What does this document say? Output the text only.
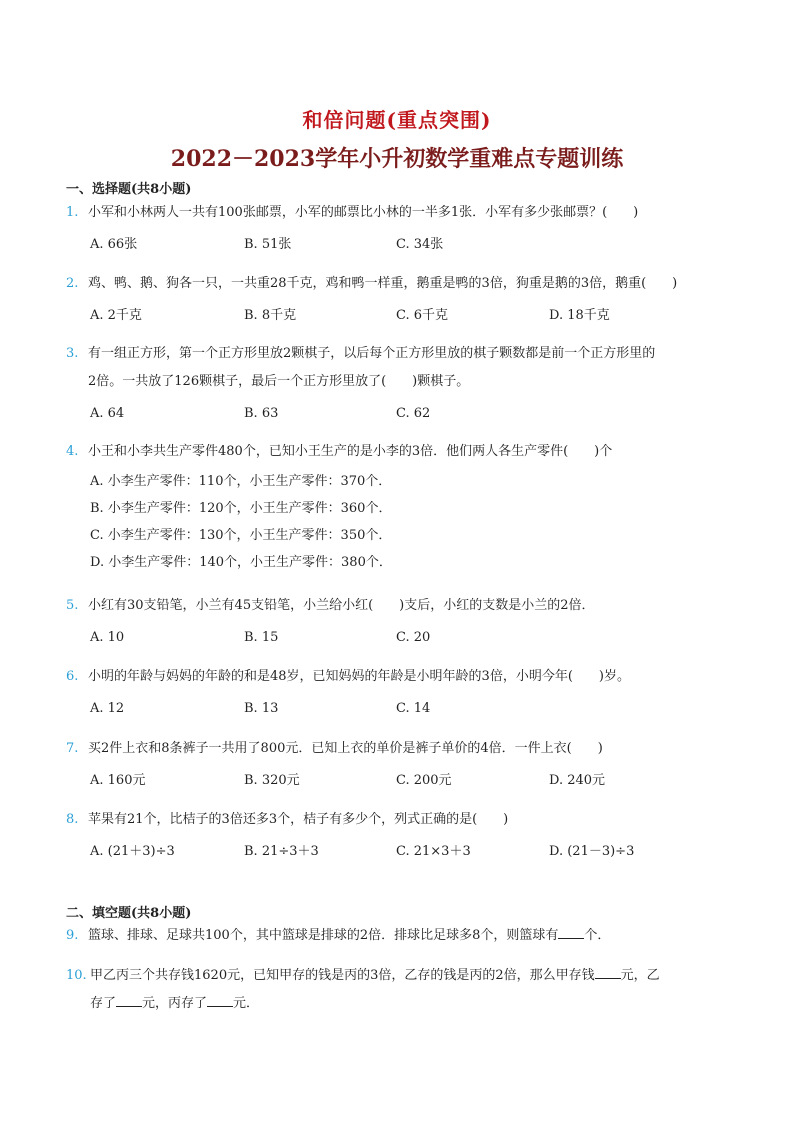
和倍问题(重点突围)
2022－2023学年小升初数学重难点专题训练
一、选择题(共8小题)
1. 小军和小林两人一共有100张邮票，小军的邮票比小林的一半多1张．小军有多少张邮票？(　　)
A. 66张	B. 51张	C. 34张
2. 鸡、鸭、鹅、狗各一只，一共重28千克，鸡和鸭一样重，鹅重是鸭的3倍，狗重是鹅的3倍，鹅重(　　)
A. 2千克	B. 8千克	C. 6千克	D. 18千克
3. 有一组正方形，第一个正方形里放2颗棋子，以后每个正方形里放的棋子颗数都是前一个正方形里的
2倍。一共放了126颗棋子，最后一个正方形里放了(　　)颗棋子。
A. 64	B. 63	C. 62
4. 小王和小李共生产零件480个，已知小王生产的是小李的3倍．他们两人各生产零件(　　)个
A. 小李生产零件：110个，小王生产零件：370个．
B. 小李生产零件：120个，小王生产零件：360个．
C. 小李生产零件：130个，小王生产零件：350个．
D. 小李生产零件：140个，小王生产零件：380个．
5. 小红有30支铅笔，小兰有45支铅笔，小兰给小红(　　)支后，小红的支数是小兰的2倍．
A. 10	B. 15	C. 20
6. 小明的年龄与妈妈的年龄的和是48岁，已知妈妈的年龄是小明年龄的3倍，小明今年(　　)岁。
A. 12	B. 13	C. 14
7. 买2件上衣和8条裤子一共用了800元．已知上衣的单价是裤子单价的4倍．一件上衣(　　)
A. 160元	B. 320元	C. 200元	D. 240元
8. 苹果有21个，比桔子的3倍还多3个，桔子有多少个，列式正确的是(　　)
A. (21＋3)÷3	B. 21÷3＋3	C. 21×3＋3	D. (21－3)÷3
二、填空题(共8小题)
9. 篮球、排球、足球共100个，其中篮球是排球的2倍．排球比足球多8个，则篮球有 个．
10. 甲乙丙三个共存钱1620元，已知甲存的钱是丙的3倍，乙存的钱是丙的2倍，那么甲存钱 元，乙
存了 元，丙存了 元．
